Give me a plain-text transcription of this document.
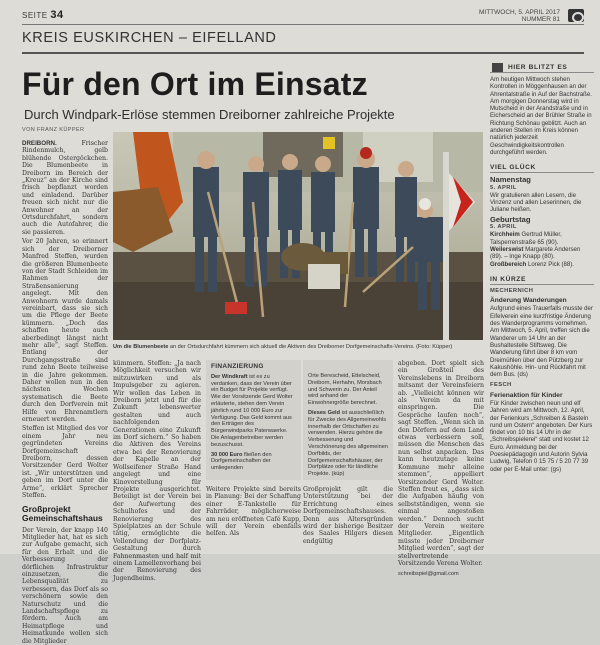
SEITE 34	MITTWOCH, 5. APRIL 2017
NUMMER 81
KREIS EUSKIRCHEN – EIFELLAND
Für den Ort im Einsatz
Durch Windpark-Erlöse stemmen Dreiborner zahlreiche Projekte
VON FRANZ KÜPPER
DREIBORN.	Frischer Rindenmulch, gelb blühende Ostergöckchen. Die Blumenbeete in Dreiborn im Bereich der „Kreuz“ an der Kirche sind frisch bepflanzt worden und einladend. Darüber freuen sich nicht nur die Anwohner an der Ortsdurchfahrt, sondern auch die Autofahrer, die sie passieren.

Vor 20 Jahren, so erinnert sich der Dreiborner Manfred Steffen, wurden die größeren Blumenbeete von der Stadt Schleiden im Rahmen der Straßensanierung angelegt. Mit den Anwohnern wurde damals vereinbart, dass sie sich um die Pflege der Beete kümmern. „Doch das schaffen heute auch aberbedingt längst nicht mehr alle“, sagt Steffen. Entlang der Durchgangsstraße sind rund zehn Beete teilweise in die Jahre gekommen. Daher wollen nun in den nächsten Wochen systematisch die Beete durch den Dorfverein mit Hilfe von Ehrenamtlern erneuert werden.

Steffen ist Mitglied des vor einem Jahr neu gegründeten Vereins Dorfgemeinschaft Dreiborn, dessen Vorsitzender Gerd Wolter ist. „Wir unterstützen und geben im Dorf unter die Arme“, erklärt Sprecher Steffen.

Großprojekt Gemeinschaftshaus

Der Verein, der knapp 140 Mitglieder hat, hat es sich zur Aufgabe gemacht, sich für den Erhalt und die Verbesserung der dörflichen Infrastruktur einzusetzen, die Lebensqualität zu verbessern, das Dorf als so verschönern sowie den Naturschutz und die Landschaftspflege zu fördern. Auch am Heimatpflege und Heimatkunde wollen sich die Mitglieder

Um die Blumenbeete an der Ortsdurchfahrt kümmern sich aktuell die Aktiven des Dreiborner Dorfgemeinschafts-Vereins. (Foto: Küpper)

kümmern. Steffen: „Ja nach Möglichkeit versuchen wir mitzuwirken und als Impulsgeber zu agieren. Wir wollen das Leben in Dreiborn jetzt und für die Zukunft lebenswerter gestalten und auch nachfolgenden Generationen eine Zukunft im Dorf sichern.“ So haben die Aktiven des Vereins etwa bei der Renovierung der Kapelle an der Wollseifener Straße Hand angelegt und eine Kinovorstellung für Projekte ausgerichtet. Beteiligt ist der Verein bei der Aufwertung des Schulhofes und der Renovierung des Spielplatzes an der Schule tätig, ermöglichte die Vollendung der Dorfplatz-Gestaltung durch Fahnenmasten und half mit einem Lamellenvorhang bei der Renovierung des Jugendheims.

FINANZIERUNG

Der Windkraft ist es zu verdanken, dass der Verein über ein Budget für Projekte verfügt. Wie der Vorsitzende Gerd Wolter erläuterte, stehen dem Verein jährlich rund 10 000 Euro zur Verfügung. Das Geld kommt aus den Erträgen des Bürgerwindparks Paterwaerke. Die Anlagenbetreiber werden bezuschusst.

30 000 Euro fließen den Dorfgemeinschaften der umliegenden

Orte Berescheid, Ettelscheid, Dreiborn, Herhahn, Morsbach und Schwerin zu. Der Anteil wird anhand der Einwohnergröße berechnet.

Dieses Geld ist ausschließlich für Zwecke des Allgemeinwohls innerhalb der Ortschaften zu verwenden. Hierzu gehöre die Verbesserung und Verschönerung des allgemeinen Dorfbilds, der Dorfgemeinschaftshäuser, der Dorfplätze oder für ländliche Projekte. (küp)

Weitere Projekte sind bereits in Planung: Bei der Schaffung einer E-Tankstelle für Fahrräder, möglicherweise am neu eröffneten Café Kupp, will der Verein ebenfalls helfen. Als

Großprojekt gilt die Unterstützung bei der Errichtung eines Dorfgemeinschaftshauses. Denn aus Altersgründen wird der bisherige Besitzer des Saales Hilgers diesen endgültig

abgeben. Dort spielt sich ein Großteil des Vereinslebens in Dreiborn mitsamt der Vereinsfeiern ab. „Vielleicht können wir als Verein da mit einspringen. Die Gespräche laufen noch“, sagt Steffen. „Wenn sich in den Dörfern auf dem Land etwas verbessern soll, müssen die Menschen das nun selbst anpacken. Das kann heutzutage keine Kommune mehr alleine stemmen“, appelliert Vorsitzender Gerd Wolter. Steffen freut es, „dass sich die Aufgaben häufig von selbstständigen, wenn sie einmal angestoßen werden.“ Dennoch sucht der Verein weitere Mitglieder. „Eigentlich müsste jeder Dreiborner Mitglied werden“, sagt der stellvertretende Vorsitzende Verena Wolter.

schreibspiel@gmail.com

HIER BLITZT ES

Am heutigen Mittwoch stehen Kontrollen in Möggenhausen an der Ahrentalstraße in Auf der Bachstraße. Am morgigen Donnerstag wird in Mutscheid in der Arandstraße und in Eicherscheid an der Brühler Straße in Richtung Schönau geblitzt. Auch an anderen Stellen im Kreis können natürlich jederzeit Geschwindigkeitskontrollen durchgeführt werden.

VIEL GLÜCK
Namenstag
5. APRIL

Wir gratulieren allen Lesern, die Vinzenz und allen Leserinnen, die Juliane heißen.

Geburtstag
5. APRIL

Kirchheim Gertrud Müller, Talsperrenstraße 65 (90).

Weilerswist Margarete Andersen (89). – Inge Knapp (80).

Großbereich Lorenz Pick (88).

IN KÜRZE
MECHERNICH
Änderung Wanderungen

Aufgrund eines Trauerfalls musste der Eifelverein eine kurzfristige Änderung des Wanderprogramms vornehmen. Am Mittwoch, 5. April, treffen sich die Wanderer um 14 Uhr an der Bushaltestelle Stiftsweg. Die Wanderung führt über 8 km vom Dreimühlen über den Pützberg zur Kakushöhle. Hin- und Rückfahrt mit dem Bus. (ds)

FESCH
Ferienaktion für Kinder

Für Kinder zwischen neun und elf Jahren wird am Mittwoch, 12. April, der Ferienkurs „Schreiben & Basteln rund um Ostern“ angeboten. Der Kurs findet von 10 bis 14 Uhr in der „Schreibspielerei“ statt und kostet 12 Euro. Anmeldung bei der Poesiepädagogin und Autorin Sylvia Ludwig, Telefon 0 15 75 / 5 20 77 39 oder per E-Mail unter: (gs)
